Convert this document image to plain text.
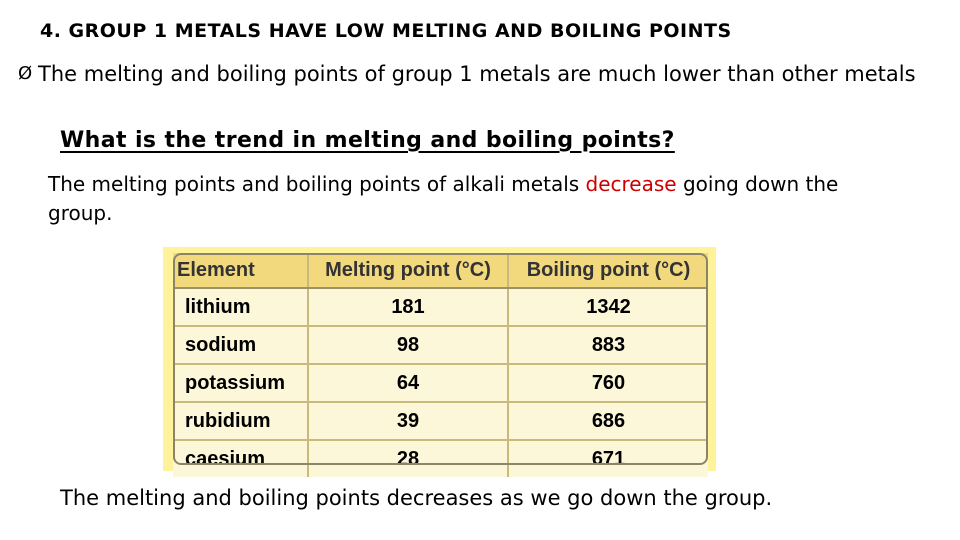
4. GROUP 1 METALS HAVE LOW MELTING AND BOILING POINTS
Ø The melting and boiling points of group 1 metals are much lower than other metals
What is the trend in melting and boiling points?
The melting points and boiling points of alkali metals decrease going down the group.
Element	Melting point (°C)	Boiling point (°C)
lithium	181	1342
sodium	98	883
potassium	64	760
rubidium	39	686
caesium	28	671
The melting and boiling points decreases as we go down the group.
